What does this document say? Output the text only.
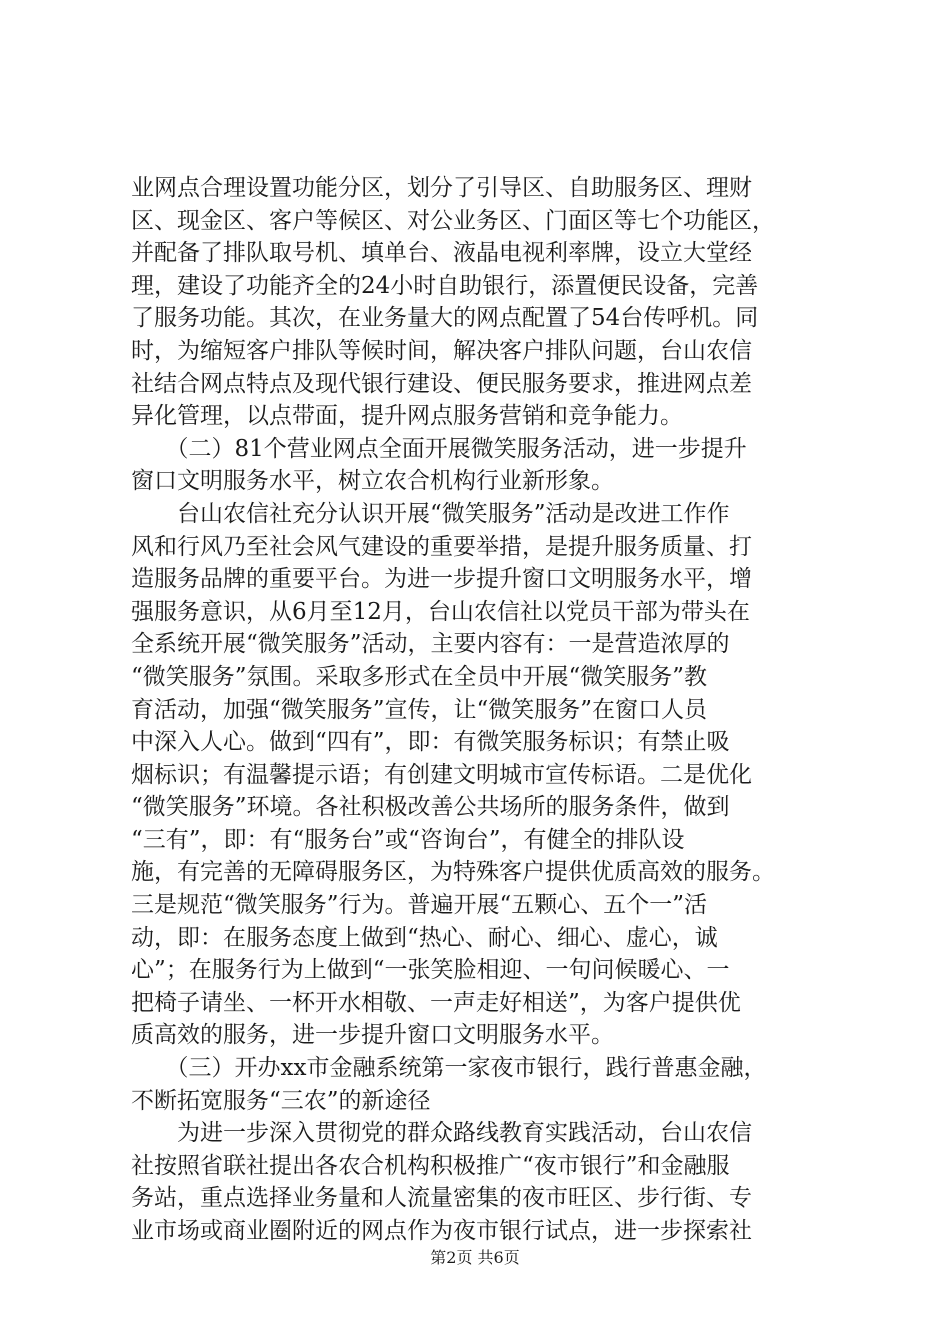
业网点合理设置功能分区，划分了引导区、自助服务区、理财
区、现金区、客户等候区、对公业务区、门面区等七个功能区，
并配备了排队取号机、填单台、液晶电视利率牌，设立大堂经
理，建设了功能齐全的24小时自助银行，添置便民设备，完善
了服务功能。其次，在业务量大的网点配置了54台传呼机。同
时，为缩短客户排队等候时间，解决客户排队问题，台山农信
社结合网点特点及现代银行建设、便民服务要求，推进网点差
异化管理，以点带面，提升网点服务营销和竞争能力。
　　（二）81个营业网点全面开展微笑服务活动，进一步提升
窗口文明服务水平，树立农合机构行业新形象。
　　台山农信社充分认识开展“微笑服务”活动是改进工作作
风和行风乃至社会风气建设的重要举措，是提升服务质量、打
造服务品牌的重要平台。为进一步提升窗口文明服务水平，增
强服务意识，从6月至12月，台山农信社以党员干部为带头在
全系统开展“微笑服务”活动，主要内容有：一是营造浓厚的
“微笑服务”氛围。采取多形式在全员中开展“微笑服务”教
育活动，加强“微笑服务”宣传，让“微笑服务”在窗口人员
中深入人心。做到“四有”，即：有微笑服务标识；有禁止吸
烟标识；有温馨提示语；有创建文明城市宣传标语。二是优化
“微笑服务”环境。各社积极改善公共场所的服务条件，做到
“三有”，即：有“服务台”或“咨询台”，有健全的排队设
施，有完善的无障碍服务区，为特殊客户提供优质高效的服务。
三是规范“微笑服务”行为。普遍开展“五颗心、五个一”活
动，即：在服务态度上做到“热心、耐心、细心、虚心，诚
心”；在服务行为上做到“一张笑脸相迎、一句问候暖心、一
把椅子请坐、一杯开水相敬、一声走好相送”，为客户提供优
质高效的服务，进一步提升窗口文明服务水平。
　　（三）开办xx市金融系统第一家夜市银行，践行普惠金融，
不断拓宽服务“三农”的新途径
　　为进一步深入贯彻党的群众路线教育实践活动，台山农信
社按照省联社提出各农合机构积极推广“夜市银行”和金融服
务站，重点选择业务量和人流量密集的夜市旺区、步行街、专
业市场或商业圈附近的网点作为夜市银行试点，进一步探索社
第2页 共6页
